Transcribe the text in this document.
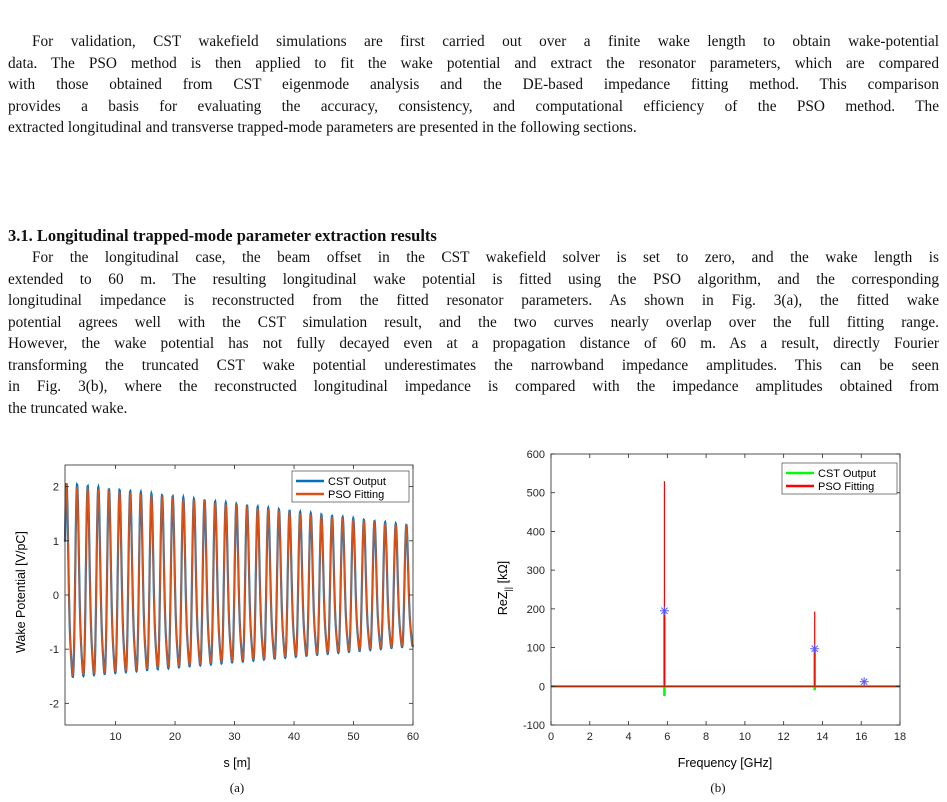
For validation, CST wakefield simulations are first carried out over a finite wake length to obtain wake-potential
data. The PSO method is then applied to fit the wake potential and extract the resonator parameters, which are compared
with those obtained from CST eigenmode analysis and the DE-based impedance fitting method. This comparison
provides a basis for evaluating the accuracy, consistency, and computational efficiency of the PSO method. The
extracted longitudinal and transverse trapped-mode parameters are presented in the following sections.
3.1. Longitudinal trapped-mode parameter extraction results
For the longitudinal case, the beam offset in the CST wakefield solver is set to zero, and the wake length is
extended to 60 m. The resulting longitudinal wake potential is fitted using the PSO algorithm, and the corresponding
longitudinal impedance is reconstructed from the fitted resonator parameters. As shown in Fig. 3(a), the fitted wake
potential agrees well with the CST simulation result, and the two curves nearly overlap over the full fitting range.
However, the wake potential has not fully decayed even at a propagation distance of 60 m. As a result, directly Fourier
transforming the truncated CST wake potential underestimates the narrowband impedance amplitudes. This can be seen
in Fig. 3(b), where the reconstructed longitudinal impedance is compared with the impedance amplitudes obtained from
the truncated wake.
10	20	30	40	50	60
-2
-1
0
1
2
s [m]
Wake Potential [V/pC]
CST Output
PSO Fitting
(a)
0	2	4	6	8	10 12 14 16 18
-100
0
100
200
300
400
500
600
Frequency [GHz]
ReZ$_{||}$ [kΩ]
CST Output
PSO Fitting
(b)
